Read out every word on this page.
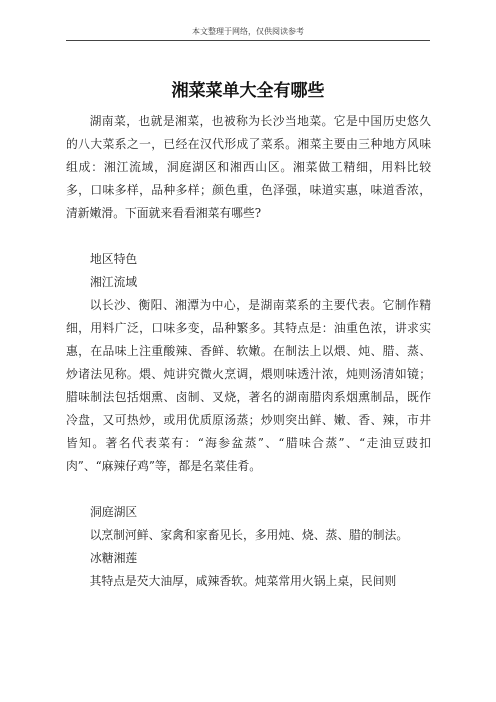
本文整理于网络，仅供阅读参考
湘菜菜单大全有哪些

湖南菜，也就是湘菜，也被称为长沙当地菜。它是中国历史悠久的八大菜系之一，已经在汉代形成了菜系。湘菜主要由三种地方风味组成：湘江流域，洞庭湖区和湘西山区。湘菜做工精细，用料比较多，口味多样，品种多样；颜色重，色泽强，味道实惠，味道香浓，清新嫩滑。下面就来看看湘菜有哪些?

地区特色

湘江流域

以长沙、衡阳、湘潭为中心，是湖南菜系的主要代表。它制作精细，用料广泛，口味多变，品种繁多。其特点是：油重色浓，讲求实惠，在品味上注重酸辣、香鲜、软嫩。在制法上以煨、炖、腊、蒸、炒诸法见称。煨、炖讲究微火烹调，煨则味透汁浓，炖则汤清如镜；腊味制法包括烟熏、卤制、叉烧，著名的湖南腊肉系烟熏制品，既作冷盘，又可热炒，或用优质原汤蒸；炒则突出鲜、嫩、香、辣，市井皆知。著名代表菜有：“海参盆蒸”、“腊味合蒸”、“走油豆豉扣肉”、“麻辣仔鸡”等，都是名菜佳肴。

洞庭湖区

以烹制河鲜、家禽和家畜见长，多用炖、烧、蒸、腊的制法。

冰糖湘莲

其特点是芡大油厚，咸辣香软。炖菜常用火锅上桌，民间则
